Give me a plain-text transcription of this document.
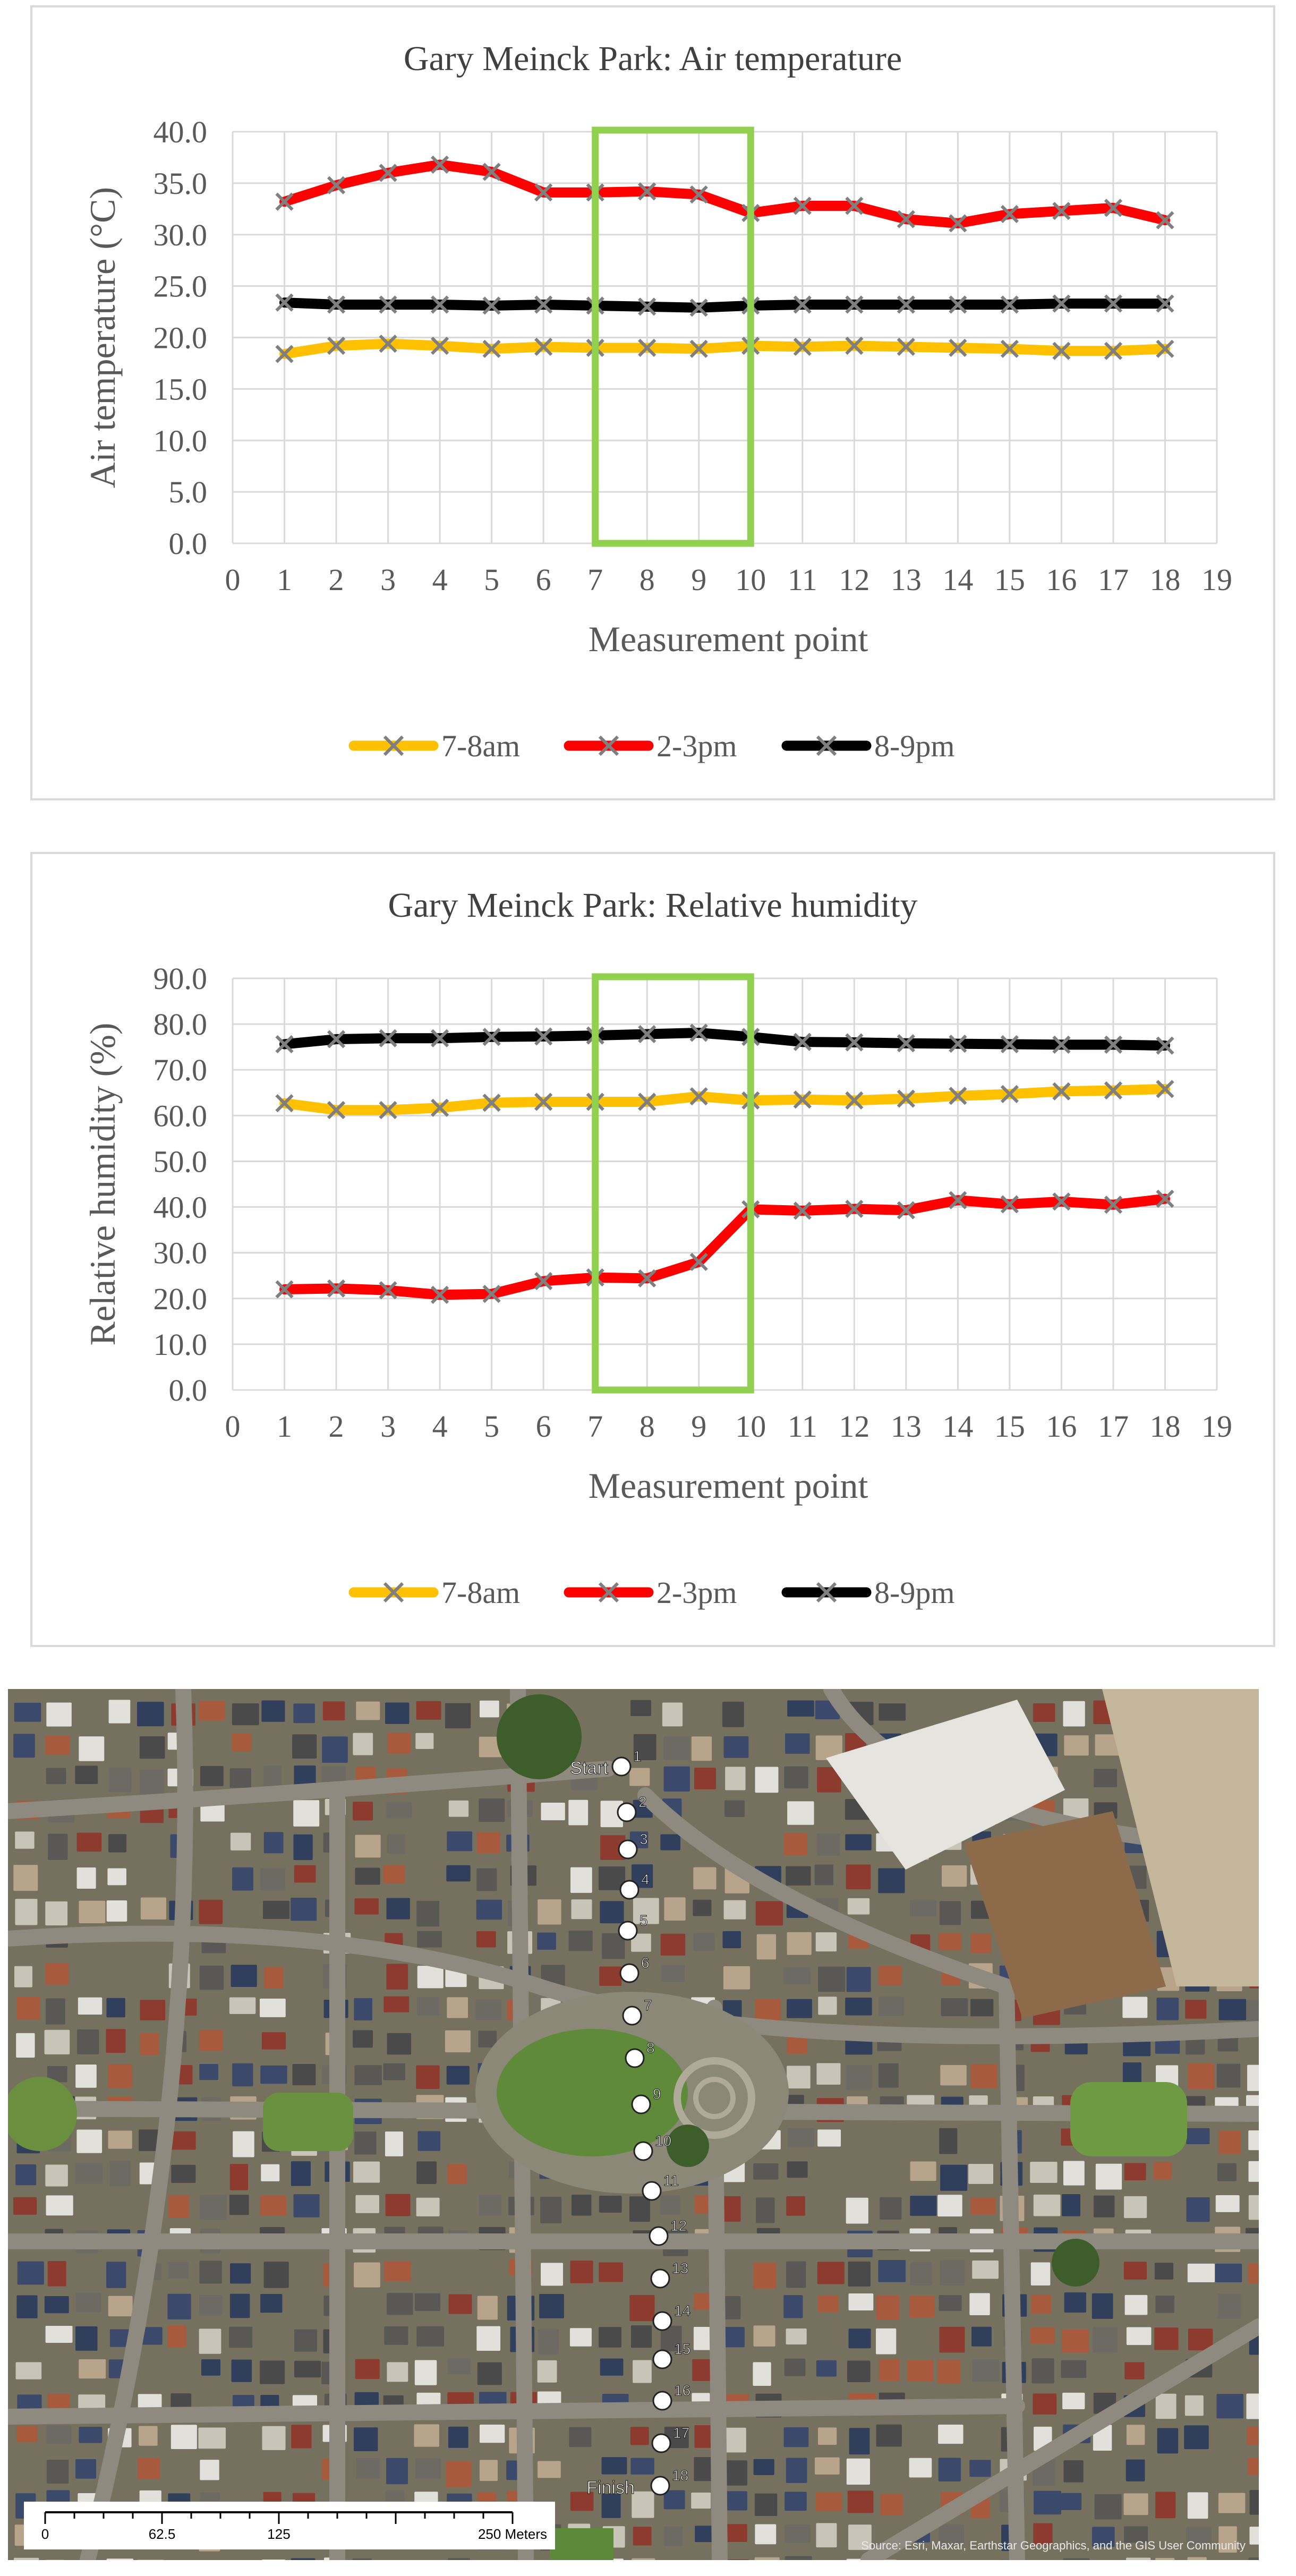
Gary Meinck Park: Air temperature
0.0
5.0
10.0
15.0
20.0
25.0
30.0
35.0
40.0
0 1 2 3 4 5 6 7 8 9 10 11 12 13 14 15 16 17 18 19
Measurement point
Air temperature (°C)
7-8am	2-3pm	8-9pm
Gary Meinck Park: Relative humidity
0.0
10.0
20.0
30.0
40.0
50.0
60.0
70.0
80.0
90.0
0 1 2 3 4 5 6 7 8 9 10 11 12 13 14 15 16 17 18 19
Measurement point
Relative humidity (%)
7-8am	2-3pm	8-9pm
1
2
3
4
5
6
7
8
9
10
11
12
13
14
15
16
17
18
Start
Finish
0	62.5	125	250 Meters
Source: Esri, Maxar, Earthstar Geographics, and the GIS User Community
